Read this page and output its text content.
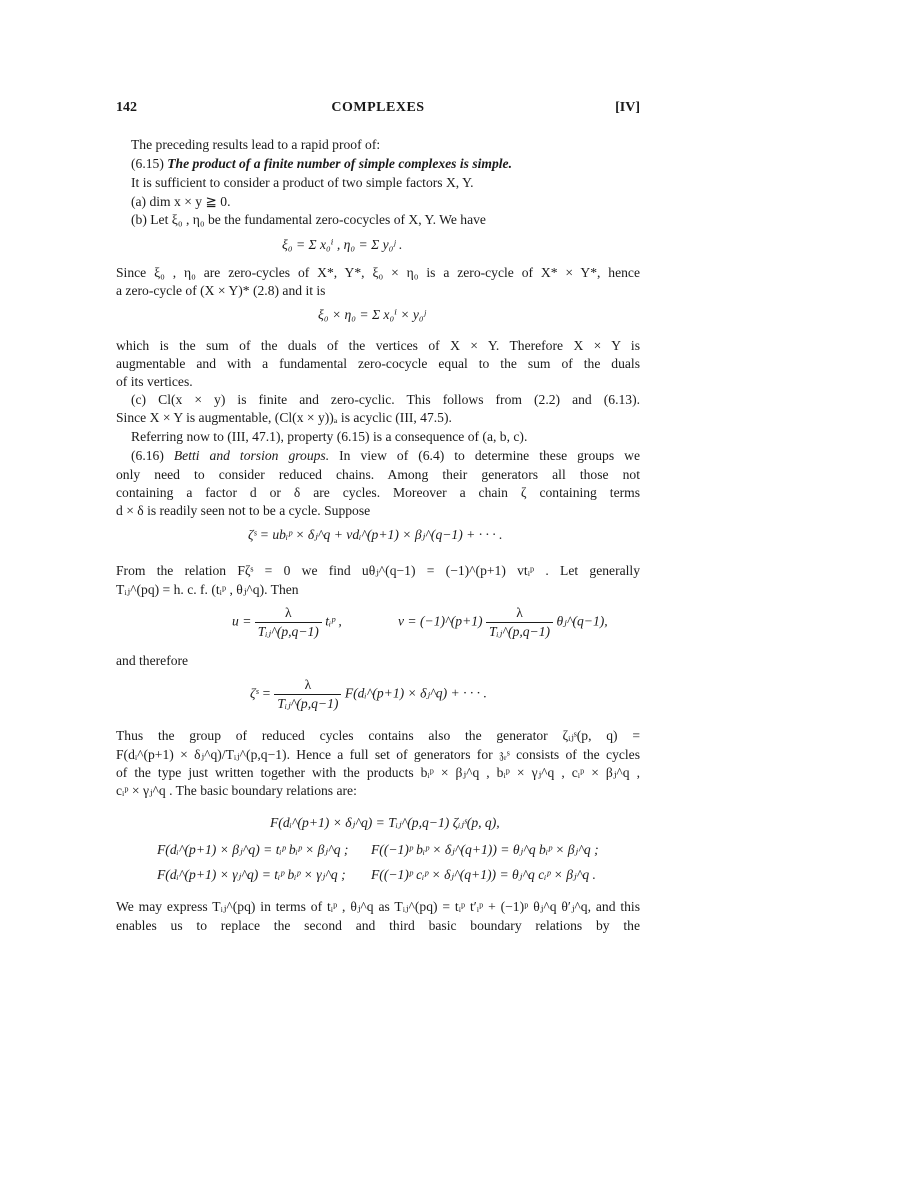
142	COMPLEXES	[IV]
The preceding results lead to a rapid proof of:
(6.15) The product of a finite number of simple complexes is simple.
It is sufficient to consider a product of two simple factors X, Y.
(a) dim x × y ≧ 0.
(b) Let ξ₀ , η₀ be the fundamental zero-cocycles of X, Y. We have
ξ₀ = Σ x₀ⁱ , η₀ = Σ y₀ʲ .
Since ξ₀ , η₀ are zero-cycles of X*, Y*, ξ₀ × η₀ is a zero-cycle of X* × Y*, hence
a zero-cycle of (X × Y)* (2.8) and it is
ξ₀ × η₀ = Σ x₀ⁱ × y₀ʲ
which is the sum of the duals of the vertices of X × Y. Therefore X × Y is
augmentable and with a fundamental zero-cocycle equal to the sum of the duals
of its vertices.
(c) Cl(x × y) is finite and zero-cyclic. This follows from (2.2) and (6.13).
Since X × Y is augmentable, (Cl(x × y))ₐ is acyclic (III, 47.5).
Referring now to (III, 47.1), property (6.15) is a consequence of (a, b, c).
(6.16) Betti and torsion groups. In view of (6.4) to determine these groups we
only need to consider reduced chains. Among their generators all those not
containing a factor d or δ are cycles. Moreover a chain ζ containing terms
d × δ is readily seen not to be a cycle. Suppose
ζˢ = ubᵢᵖ × δⱼ^q + vdᵢ^(p+1) × βⱼ^(q−1) + · · · .
From the relation Fζˢ = 0 we find uθⱼ^(q−1) = (−1)^(p+1) vtᵢᵖ . Let generally
Tᵢⱼ^(pq) = h. c. f. (tᵢᵖ , θⱼ^q). Then
$u = \frac{\lambda}{\text{Tᵢⱼ\textasciicircum{}(p,q−1)}}$ tᵢᵖ ,	v = (−1)^(p+1) $\frac{\lambda}{\text{Tᵢⱼ\textasciicircum{}(p,q−1)}}$ θⱼ^(q−1),
and therefore
ζˢ = $\frac{\lambda}{\text{Tᵢⱼ\textasciicircum{}(p,q−1)}}$ F(dᵢ^(p+1) × δⱼ^q) + · · · .
Thus the group of reduced cycles contains also the generator ζᵢⱼˢ(p, q) =
F(dᵢ^(p+1) × δⱼ^q)/Tᵢⱼ^(p,q−1). Hence a full set of generators for 𝔷ᵣˢ consists of the cycles
of the type just written together with the products bᵢᵖ × βⱼ^q , bᵢᵖ × γⱼ^q , cᵢᵖ × βⱼ^q ,
cᵢᵖ × γⱼ^q . The basic boundary relations are:
F(dᵢ^(p+1) × δⱼ^q) = Tᵢⱼ^(p,q−1) ζᵢⱼˢ(p, q),
F(dᵢ^(p+1) × βⱼ^q) = tᵢᵖ bᵢᵖ × βⱼ^q ; F((−1)ᵖ bᵢᵖ × δⱼ^(q+1)) = θⱼ^q bᵢᵖ × βⱼ^q ;
F(dᵢ^(p+1) × γⱼ^q) = tᵢᵖ bᵢᵖ × γⱼ^q ; F((−1)ᵖ cᵢᵖ × δⱼ^(q+1)) = θⱼ^q cᵢᵖ × βⱼ^q .
We may express Tᵢⱼ^(pq) in terms of tᵢᵖ , θⱼ^q as Tᵢⱼ^(pq) = tᵢᵖ t′ᵢᵖ + (−1)ᵖ θⱼ^q θ′ⱼ^q, and this
enables us to replace the second and third basic boundary relations by the
